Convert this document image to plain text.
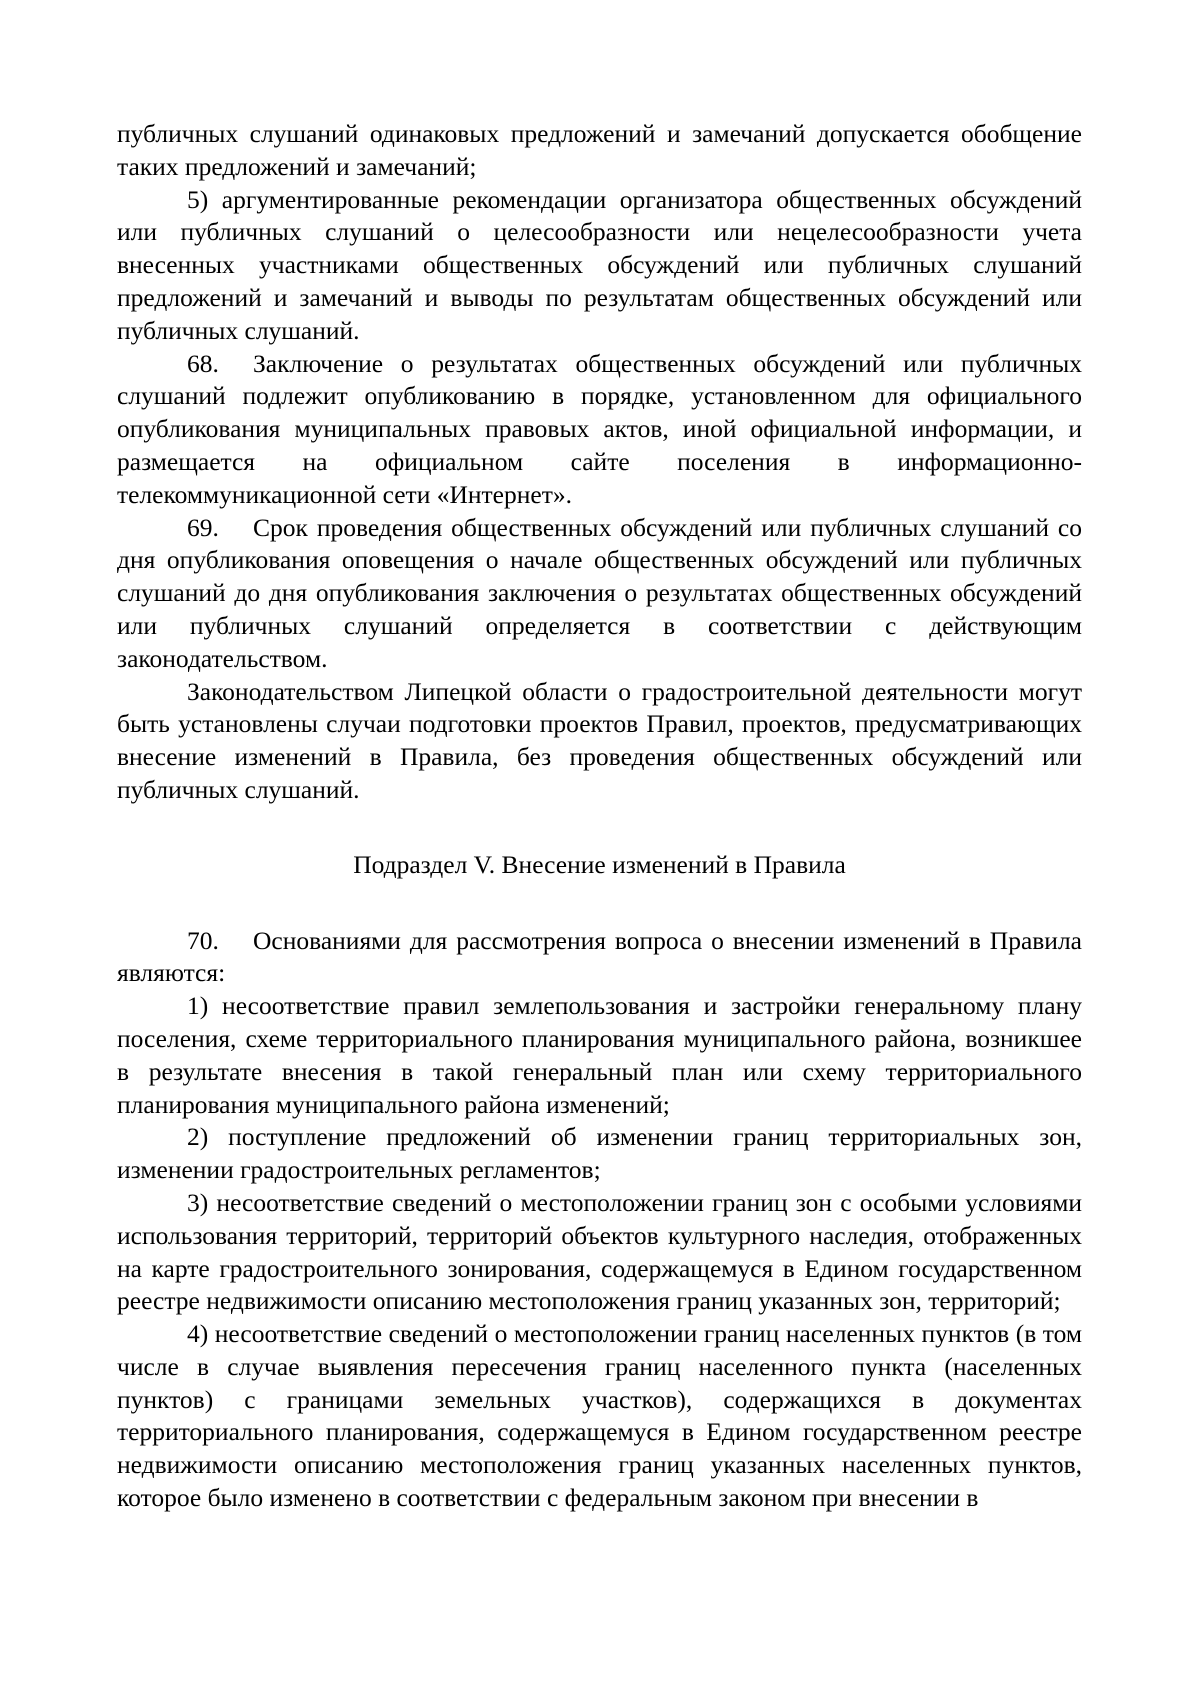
публичных слушаний одинаковых предложений и замечаний допускается обобщение таких предложений и замечаний;

5) аргументированные рекомендации организатора общественных обсуждений или публичных слушаний о целесообразности или нецелесообразности учета внесенных участниками общественных обсуждений или публичных слушаний предложений и замечаний и выводы по результатам общественных обсуждений или публичных слушаний.

68. Заключение о результатах общественных обсуждений или публичных слушаний подлежит опубликованию в порядке, установленном для официального опубликования муниципальных правовых актов, иной официальной информации, и размещается на официальном сайте поселения в информационно-телекоммуникационной сети «Интернет».

69. Срок проведения общественных обсуждений или публичных слушаний со дня опубликования оповещения о начале общественных обсуждений или публичных слушаний до дня опубликования заключения о результатах общественных обсуждений или публичных слушаний определяется в соответствии с действующим законодательством.

Законодательством Липецкой области о градостроительной деятельности могут быть установлены случаи подготовки проектов Правил, проектов, предусматривающих внесение изменений в Правила, без проведения общественных обсуждений или публичных слушаний.

Подраздел V. Внесение изменений в Правила

70. Основаниями для рассмотрения вопроса о внесении изменений в Правила являются:

1) несоответствие правил землепользования и застройки генеральному плану поселения, схеме территориального планирования муниципального района, возникшее в результате внесения в такой генеральный план или схему территориального планирования муниципального района изменений;

2) поступление предложений об изменении границ территориальных зон, изменении градостроительных регламентов;

3) несоответствие сведений о местоположении границ зон с особыми условиями использования территорий, территорий объектов культурного наследия, отображенных на карте градостроительного зонирования, содержащемуся в Едином государственном реестре недвижимости описанию местоположения границ указанных зон, территорий;

4) несоответствие сведений о местоположении границ населенных пунктов (в том числе в случае выявления пересечения границ населенного пункта (населенных пунктов) с границами земельных участков), содержащихся в документах территориального планирования, содержащемуся в Едином государственном реестре недвижимости описанию местоположения границ указанных населенных пунктов, которое было изменено в соответствии с федеральным законом при внесении в
